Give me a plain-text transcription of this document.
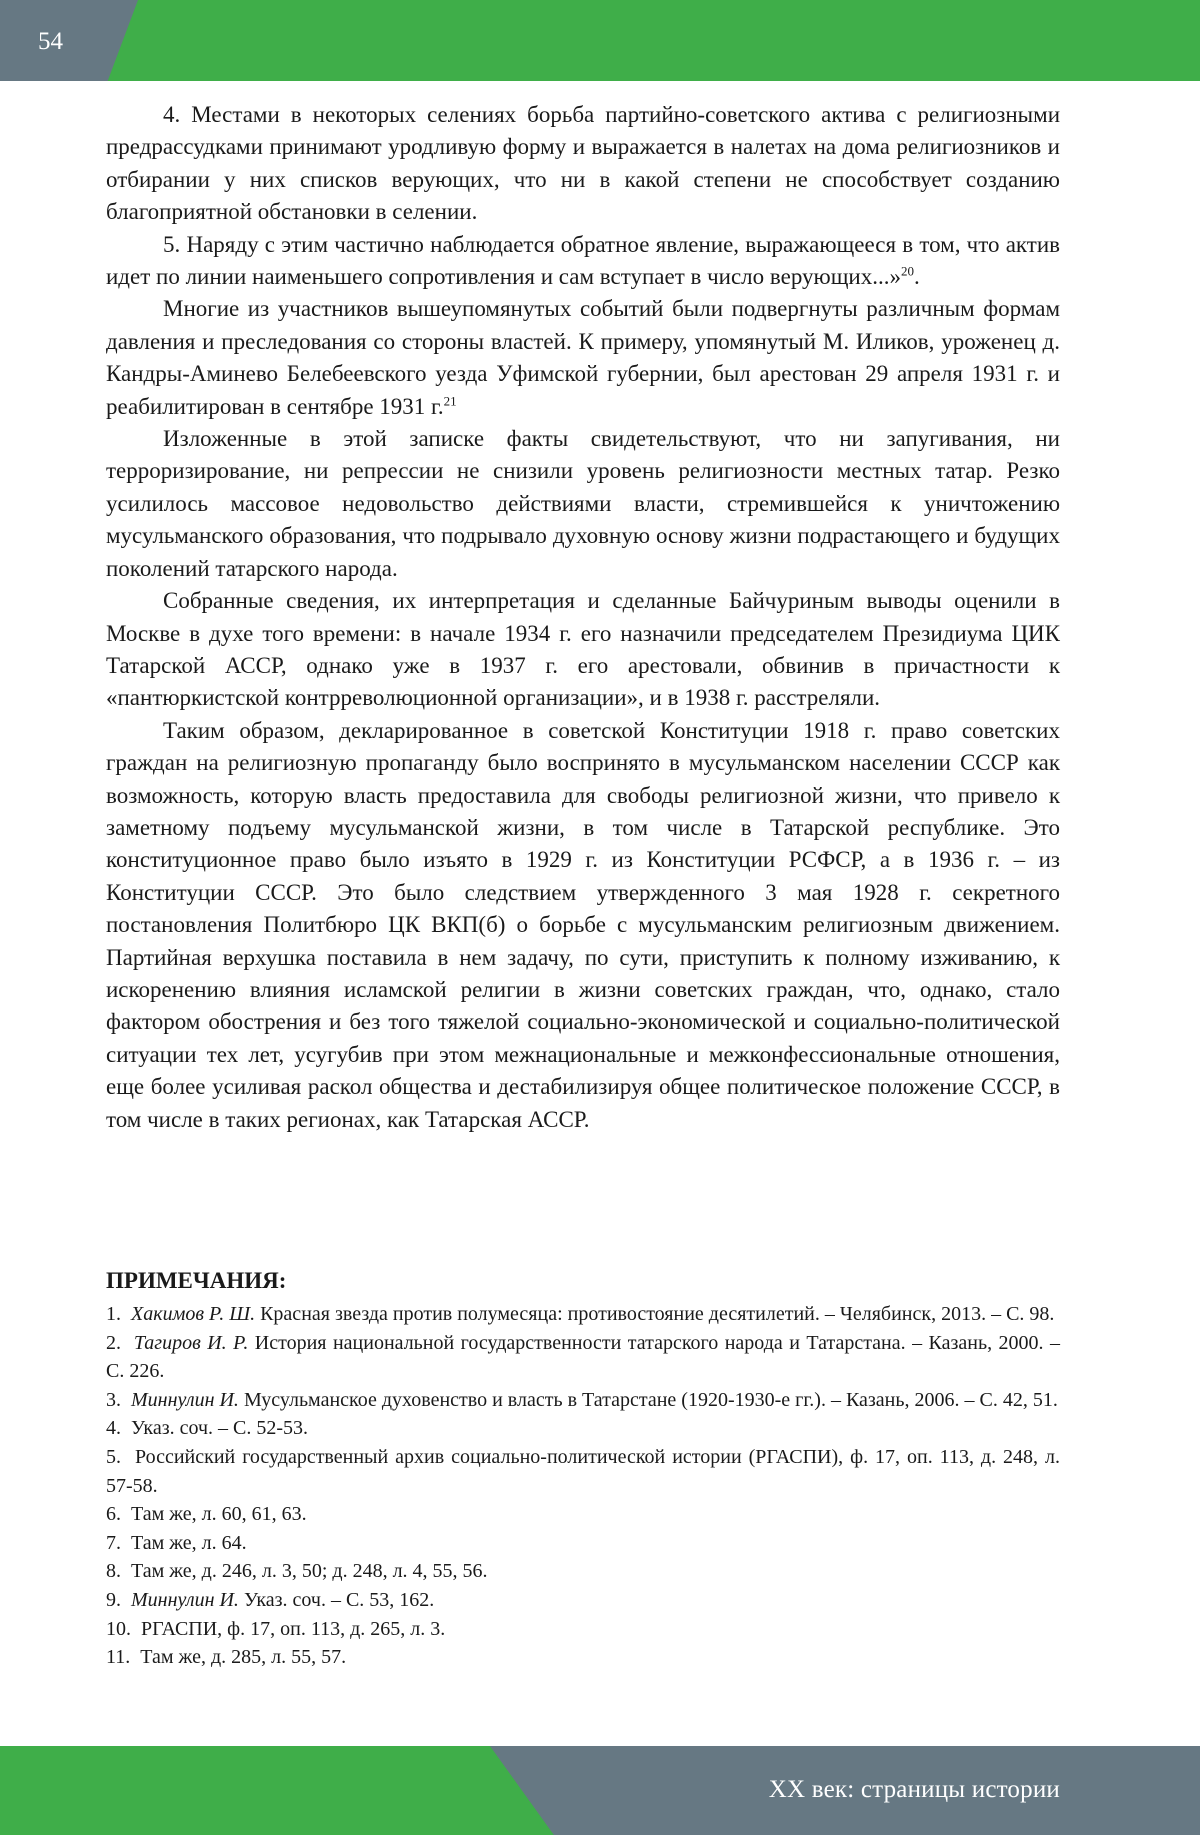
54

4. Местами в некоторых селениях борьба партийно-советского актива с религиозными предрассудками принимают уродливую форму и выражается в налетах на дома религиозников и отбирании у них списков верующих, что ни в какой степени не способствует созданию благоприятной обстановки в селении.

5. Наряду с этим частично наблюдается обратное явление, выражающееся в том, что актив идет по линии наименьшего сопротивления и сам вступает в число верующих...»$^{20}$.

Многие из участников вышеупомянутых событий были подвергнуты различным формам давления и преследования со стороны властей. К примеру, упомянутый М. Иликов, уроженец д. Кандры-Аминево Белебеевского уезда Уфимской губернии, был арестован 29 апреля 1931 г. и реабилитирован в сентябре 1931 г.$^{21}$

Изложенные в этой записке факты свидетельствуют, что ни запугивания, ни терроризирование, ни репрессии не снизили уровень религиозности местных татар. Резко усилилось массовое недовольство действиями власти, стремившейся к уничтожению мусульманского образования, что подрывало духовную основу жизни подрастающего и будущих поколений татарского народа.

Собранные сведения, их интерпретация и сделанные Байчуриным выводы оценили в Москве в духе того времени: в начале 1934 г. его назначили председателем Президиума ЦИК Татарской АССР, однако уже в 1937 г. его арестовали, обвинив в причастности к «пантюркистской контрреволюционной организации», и в 1938 г. расстреляли.

Таким образом, декларированное в советской Конституции 1918 г. право советских граждан на религиозную пропаганду было воспринято в мусульманском населении СССР как возможность, которую власть предоставила для свободы религиозной жизни, что привело к заметному подъему мусульманской жизни, в том числе в Татарской республике. Это конституционное право было изъято в 1929 г. из Конституции РСФСР, а в 1936 г. – из Конституции СССР. Это было следствием утвержденного 3 мая 1928 г. секретного постановления Политбюро ЦК ВКП(б) о борьбе с мусульманским религиозным движением. Партийная верхушка поставила в нем задачу, по сути, приступить к полному изживанию, к искоренению влияния исламской религии в жизни советских граждан, что, однако, стало фактором обострения и без того тяжелой социально-экономической и социально-политической ситуации тех лет, усугубив при этом межнациональные и межконфессиональные отношения, еще более усиливая раскол общества и дестабилизируя общее политическое положение СССР, в том числе в таких регионах, как Татарская АССР.

ПРИМЕЧАНИЯ:

1. Хакимов Р. Ш. Красная звезда против полумесяца: противостояние десятилетий. – Челябинск, 2013. – С. 98.

2. Тагиров И. Р. История национальной государственности татарского народа и Татарстана. – Казань, 2000. – С. 226.

3. Миннулин И. Мусульманское духовенство и власть в Татарстане (1920-1930-е гг.). – Казань, 2006. – С. 42, 51.

4. Указ. соч. – С. 52-53.

5. Российский государственный архив социально-политической истории (РГАСПИ), ф. 17, оп. 113, д. 248, л. 57-58.

6. Там же, л. 60, 61, 63.

7. Там же, л. 64.

8. Там же, д. 246, л. 3, 50; д. 248, л. 4, 55, 56.

9. Миннулин И. Указ. соч. – С. 53, 162.

10. РГАСПИ, ф. 17, оп. 113, д. 265, л. 3.

11. Там же, д. 285, л. 55, 57.

XX век: страницы истории
